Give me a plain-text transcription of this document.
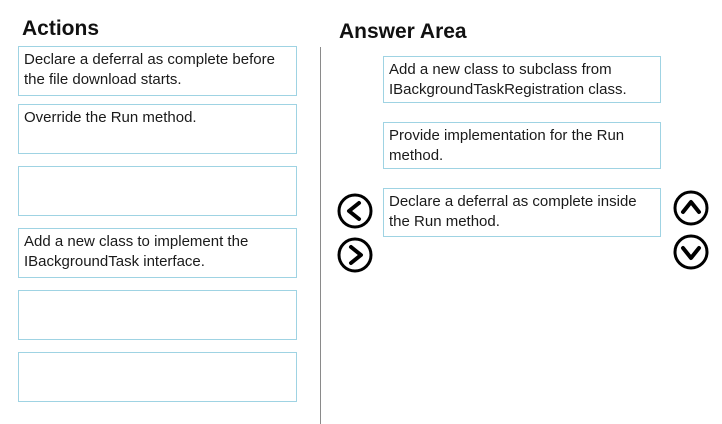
Actions
Declare a deferral as complete before the file download starts.
Override the Run method.
Add a new class to implement the IBackgroundTask interface.
Answer Area
Add a new class to subclass from IBackgroundTaskRegistration class.
Provide implementation for the Run method.
Declare a deferral as complete inside the Run method.
